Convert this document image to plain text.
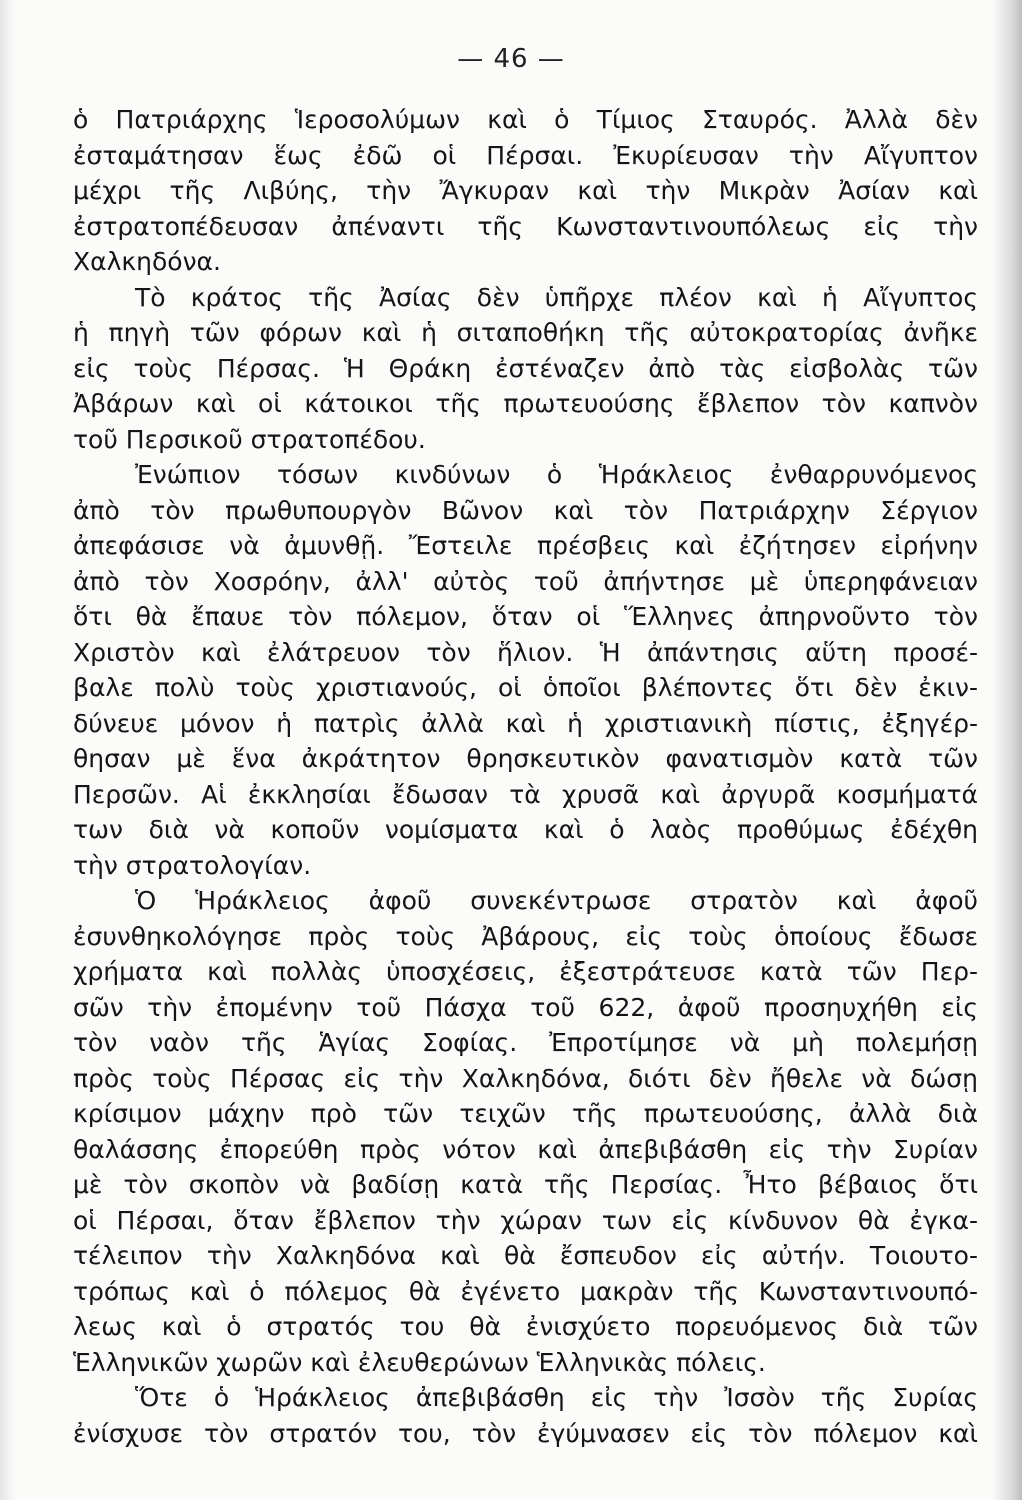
— 46 —
ὁ Πατριάρχης Ἱεροσολύμων καὶ ὁ Τίμιος Σταυρός. Ἀλλὰ δὲν
ἐσταμάτησαν ἕως ἐδῶ οἱ Πέρσαι. Ἐκυρίευσαν τὴν Αἴγυπτον
μέχρι τῆς Λιβύης, τὴν Ἄγκυραν καὶ τὴν Μικρὰν Ἀσίαν καὶ
ἐστρατοπέδευσαν ἀπέναντι τῆς Κωνσταντινουπόλεως εἰς τὴν
Χαλκηδόνα.
Τὸ κράτος τῆς Ἀσίας δὲν ὑπῆρχε πλέον καὶ ἡ Αἴγυπτος
ἡ πηγὴ τῶν φόρων καὶ ἡ σιταποθήκη τῆς αὐτοκρατορίας ἀνῆκε
εἰς τοὺς Πέρσας. Ἡ Θράκη ἐστέναζεν ἀπὸ τὰς εἰσβολὰς τῶν
Ἀβάρων καὶ οἱ κάτοικοι τῆς πρωτευούσης ἔβλεπον τὸν καπνὸν
τοῦ Περσικοῦ στρατοπέδου.
Ἐνώπιον τόσων κινδύνων ὁ Ἡράκλειος ἐνθαρρυνόμενος
ἀπὸ τὸν πρωθυπουργὸν Βῶνον καὶ τὸν Πατριάρχην Σέργιον
ἀπεφάσισε νὰ ἀμυνθῇ. Ἔστειλε πρέσβεις καὶ ἐζήτησεν εἰρήνην
ἀπὸ τὸν Χοσρόην, ἀλλ' αὐτὸς τοῦ ἀπήντησε μὲ ὑπερηφάνειαν
ὅτι θὰ ἔπαυε τὸν πόλεμον, ὅταν οἱ Ἕλληνες ἀπηρνοῦντο τὸν
Χριστὸν καὶ ἐλάτρευον τὸν ἥλιον. Ἡ ἀπάντησις αὕτη προσέ-
βαλε πολὺ τοὺς χριστιανούς, οἱ ὁποῖοι βλέποντες ὅτι δὲν ἐκιν-
δύνευε μόνον ἡ πατρὶς ἀλλὰ καὶ ἡ χριστιανικὴ πίστις, ἐξηγέρ-
θησαν μὲ ἕνα ἀκράτητον θρησκευτικὸν φανατισμὸν κατὰ τῶν
Περσῶν. Αἱ ἐκκλησίαι ἔδωσαν τὰ χρυσᾶ καὶ ἀργυρᾶ κοσμήματά
των διὰ νὰ κοποῦν νομίσματα καὶ ὁ λαὸς προθύμως ἐδέχθη
τὴν στρατολογίαν.
Ὁ Ἡράκλειος ἀφοῦ συνεκέντρωσε στρατὸν καὶ ἀφοῦ
ἐσυνθηκολόγησε πρὸς τοὺς Ἀβάρους, εἰς τοὺς ὁποίους ἔδωσε
χρήματα καὶ πολλὰς ὑποσχέσεις, ἐξεστράτευσε κατὰ τῶν Περ-
σῶν τὴν ἐπομένην τοῦ Πάσχα τοῦ 622, ἀφοῦ προσηυχήθη εἰς
τὸν ναὸν τῆς Ἁγίας Σοφίας. Ἐπροτίμησε νὰ μὴ πολεμήσῃ
πρὸς τοὺς Πέρσας εἰς τὴν Χαλκηδόνα, διότι δὲν ἤθελε νὰ δώσῃ
κρίσιμον μάχην πρὸ τῶν τειχῶν τῆς πρωτευούσης, ἀλλὰ διὰ
θαλάσσης ἐπορεύθη πρὸς νότον καὶ ἀπεβιβάσθη εἰς τὴν Συρίαν
μὲ τὸν σκοπὸν νὰ βαδίσῃ κατὰ τῆς Περσίας. Ἦτο βέβαιος ὅτι
οἱ Πέρσαι, ὅταν ἔβλεπον τὴν χώραν των εἰς κίνδυνον θὰ ἐγκα-
τέλειπον τὴν Χαλκηδόνα καὶ θὰ ἔσπευδον εἰς αὐτήν. Τοιουτο-
τρόπως καὶ ὁ πόλεμος θὰ ἐγένετο μακρὰν τῆς Κωνσταντινουπό-
λεως καὶ ὁ στρατός του θὰ ἐνισχύετο πορευόμενος διὰ τῶν
Ἑλληνικῶν χωρῶν καὶ ἐλευθερώνων Ἑλληνικὰς πόλεις.
Ὅτε ὁ Ἡράκλειος ἀπεβιβάσθη εἰς τὴν Ἰσσὸν τῆς Συρίας
ἐνίσχυσε τὸν στρατόν του, τὸν ἐγύμνασεν εἰς τὸν πόλεμον καὶ
